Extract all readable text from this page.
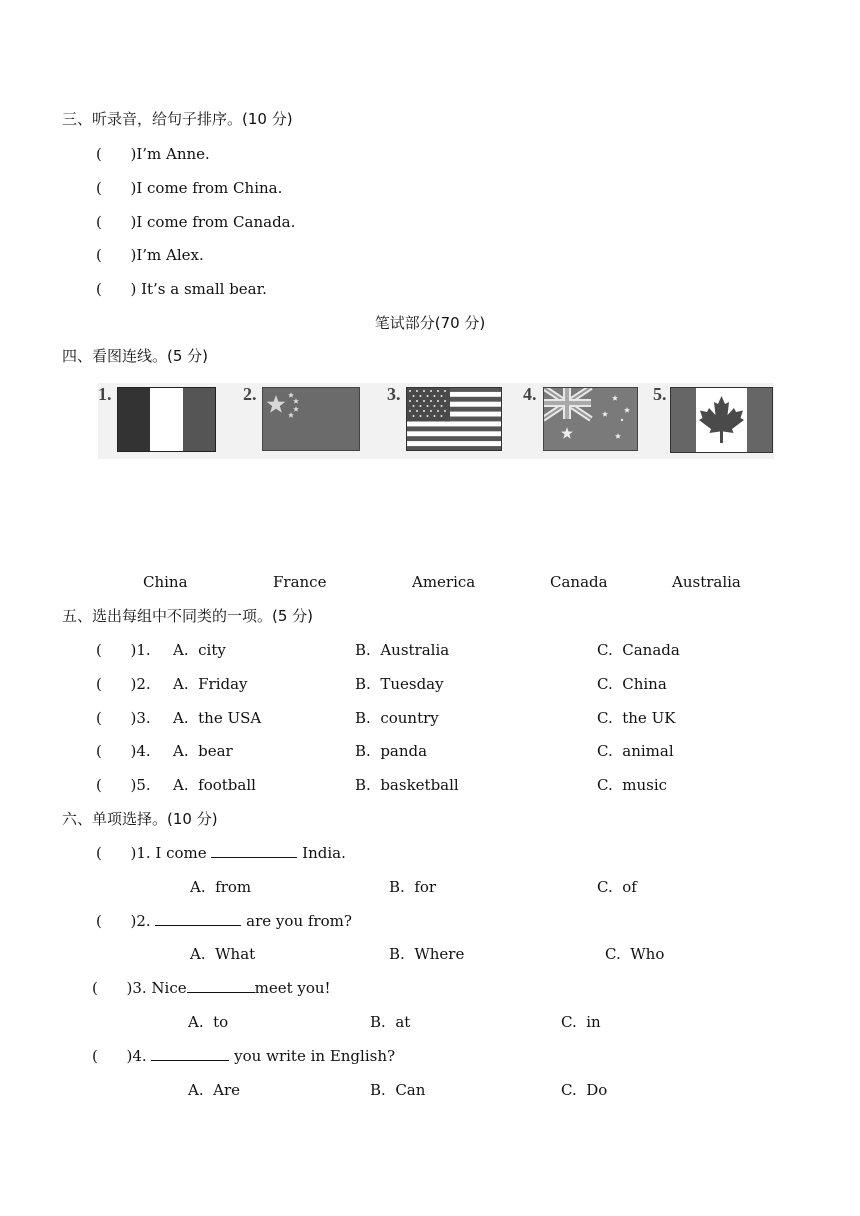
三、听录音，给句子排序。(10 分)
(      )I’m Anne.
(      )I come from China.
(      )I come from Canada.
(      )I’m Alex.
(      ) It’s a small bear.
笔试部分(70 分)
四、看图连线。(5 分)
1.	2.	3.	4.	5.
China	France	America	Canada	Australia
五、选出每组中不同类的一项。(5 分)
(      )1. A.  city	B.  Australia	C.  Canada
(      )2. A.  Friday	B.  Tuesday	C.  China
(      )3. A.  the USA	B.  country	C.  the UK
(      )4. A.  bear	B.  panda	C.  animal
(      )5. A.  football	B.  basketball	C.  music
六、单项选择。(10 分)
(      )1. I come	India.
A.  from	B.  for	C.  of
(      )2.	are you from?
A.  What	B.  Where	C.  Who
(      )3. Nice	meet you!
A.  to	B.  at	C.  in
(      )4.	you write in English?
A.  Are	B.  Can	C.  Do
